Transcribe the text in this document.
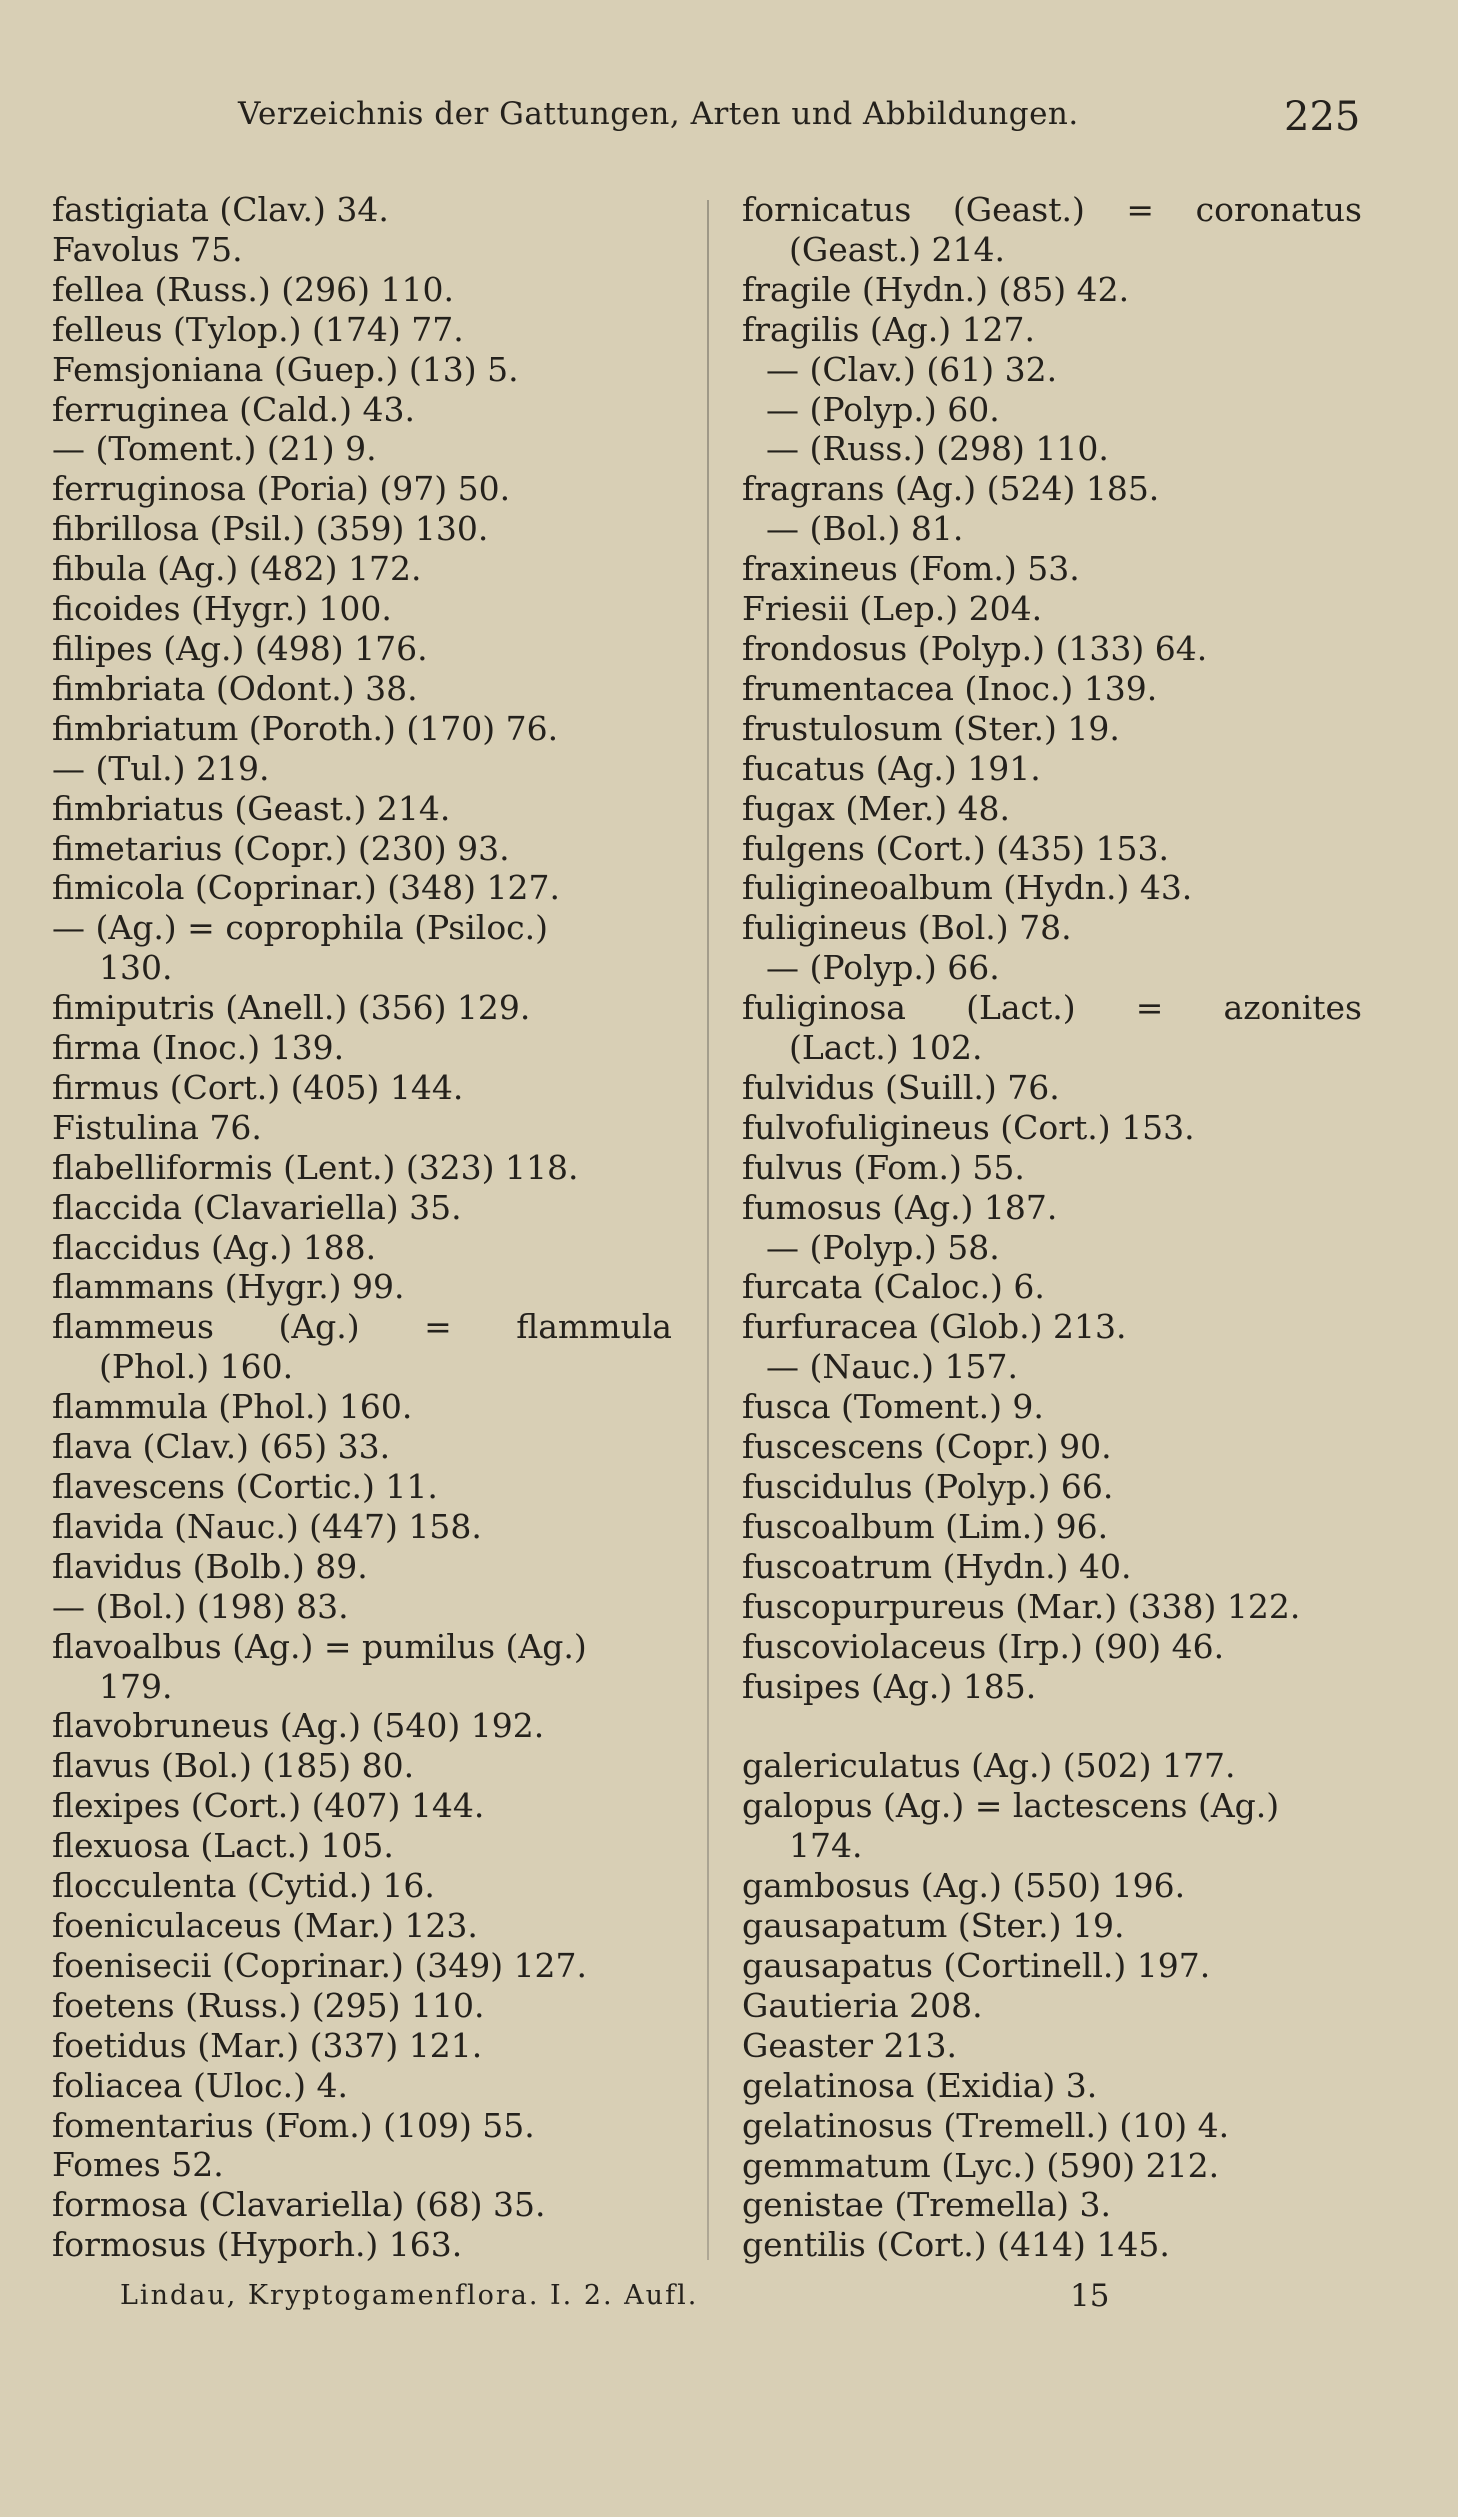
Verzeichnis der Gattungen, Arten und Abbildungen.	225
fastigiata (Clav.) 34.
Favolus 75.
fellea (Russ.) (296) 110.
felleus (Tylop.) (174) 77.
Femsjoniana (Guep.) (13) 5.
ferruginea (Cald.) 43.
— (Toment.) (21) 9.
ferruginosa (Poria) (97) 50.
fibrillosa (Psil.) (359) 130.
fibula (Ag.) (482) 172.
ficoides (Hygr.) 100.
filipes (Ag.) (498) 176.
fimbriata (Odont.) 38.
fimbriatum (Poroth.) (170) 76.
— (Tul.) 219.
fimbriatus (Geast.) 214.
fimetarius (Copr.) (230) 93.
fimicola (Coprinar.) (348) 127.
— (Ag.) = coprophila (Psiloc.)
130.
fimiputris (Anell.) (356) 129.
firma (Inoc.) 139.
firmus (Cort.) (405) 144.
Fistulina 76.
flabelliformis (Lent.) (323) 118.
flaccida (Clavariella) 35.
flaccidus (Ag.) 188.
flammans (Hygr.) 99.
flammeus (Ag.) = flammula
(Phol.) 160.
flammula (Phol.) 160.
flava (Clav.) (65) 33.
flavescens (Cortic.) 11.
flavida (Nauc.) (447) 158.
flavidus (Bolb.) 89.
— (Bol.) (198) 83.
flavoalbus (Ag.) = pumilus (Ag.)
179.
flavobruneus (Ag.) (540) 192.
flavus (Bol.) (185) 80.
flexipes (Cort.) (407) 144.
flexuosa (Lact.) 105.
flocculenta (Cytid.) 16.
foeniculaceus (Mar.) 123.
foenisecii (Coprinar.) (349) 127.
foetens (Russ.) (295) 110.
foetidus (Mar.) (337) 121.
foliacea (Uloc.) 4.
fomentarius (Fom.) (109) 55.
Fomes 52.
formosa (Clavariella) (68) 35.
formosus (Hyporh.) 163.
fornicatus (Geast.) = coronatus
(Geast.) 214.
fragile (Hydn.) (85) 42.
fragilis (Ag.) 127.
— (Clav.) (61) 32.
— (Polyp.) 60.
— (Russ.) (298) 110.
fragrans (Ag.) (524) 185.
— (Bol.) 81.
fraxineus (Fom.) 53.
Friesii (Lep.) 204.
frondosus (Polyp.) (133) 64.
frumentacea (Inoc.) 139.
frustulosum (Ster.) 19.
fucatus (Ag.) 191.
fugax (Mer.) 48.
fulgens (Cort.) (435) 153.
fuligineoalbum (Hydn.) 43.
fuligineus (Bol.) 78.
— (Polyp.) 66.
fuliginosa (Lact.) = azonites
(Lact.) 102.
fulvidus (Suill.) 76.
fulvofuligineus (Cort.) 153.
fulvus (Fom.) 55.
fumosus (Ag.) 187.
— (Polyp.) 58.
furcata (Caloc.) 6.
furfuracea (Glob.) 213.
— (Nauc.) 157.
fusca (Toment.) 9.
fuscescens (Copr.) 90.
fuscidulus (Polyp.) 66.
fuscoalbum (Lim.) 96.
fuscoatrum (Hydn.) 40.
fuscopurpureus (Mar.) (338) 122.
fuscoviolaceus (Irp.) (90) 46.
fusipes (Ag.) 185.
galericulatus (Ag.) (502) 177.
galopus (Ag.) = lactescens (Ag.)
174.
gambosus (Ag.) (550) 196.
gausapatum (Ster.) 19.
gausapatus (Cortinell.) 197.
Gautieria 208.
Geaster 213.
gelatinosa (Exidia) 3.
gelatinosus (Tremell.) (10) 4.
gemmatum (Lyc.) (590) 212.
genistae (Tremella) 3.
gentilis (Cort.) (414) 145.
Lindau, Kryptogamenflora. I. 2. Aufl.	15
